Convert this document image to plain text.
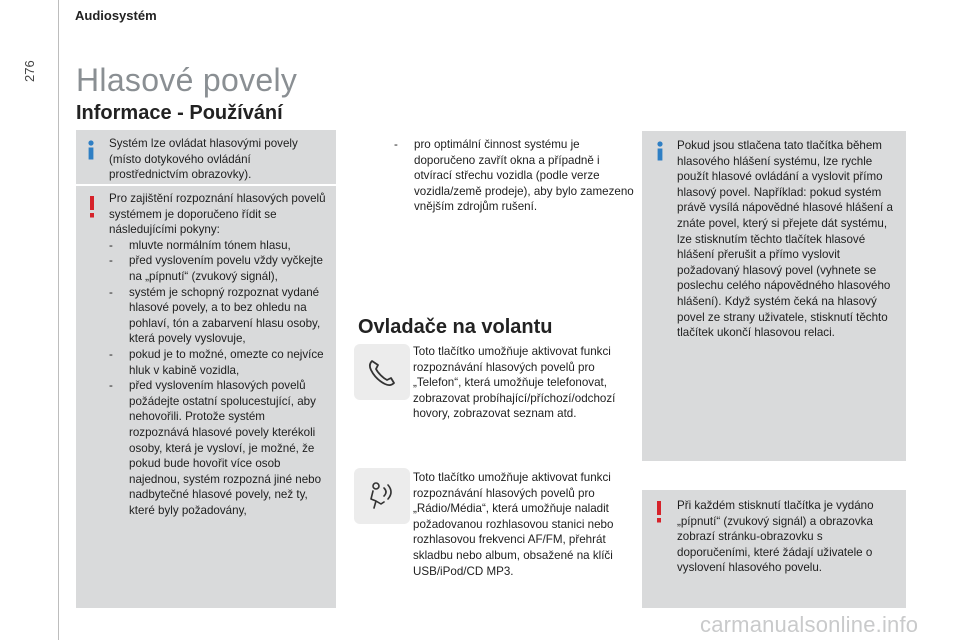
Audiosystém
276 Hlasové povely
Informace - Používání
Systém lze ovládat hlasovými povely (místo dotykového ovládání prostřednictvím obrazovky).

Pro zajištění rozpoznání hlasových povelů systémem je doporučeno řídit se následujícími pokyny:

- mluvte normálním tónem hlasu,
- před vyslovením povelu vždy vyčkejte na „pípnutí“ (zvukový signál),
- systém je schopný rozpoznat vydané hlasové povely, a to bez ohledu na pohlaví, tón a zabarvení hlasu osoby, která povely vyslovuje,
- pokud je to možné, omezte co nejvíce hluk v kabině vozidla,
- před vyslovením hlasových povelů požádejte ostatní spolucestující, aby nehovořili. Protože systém rozpoznává hlasové povely kterékoli osoby, která je vysloví, je možné, že pokud bude hovořit více osob najednou, systém rozpozná jiné nebo nadbytečné hlasové povely, než ty, které byly požadovány,
- pro optimální činnost systému je doporučeno zavřít okna a případně i otvírací střechu vozidla (podle verze vozidla/země prodeje), aby bylo zamezeno vnějším zdrojům rušení.
Ovladače na volantu
Toto tlačítko umožňuje aktivovat funkci rozpoznávání hlasových povelů pro „Telefon“, která umožňuje telefonovat, zobrazovat probíhající/příchozí/odchozí hovory, zobrazovat seznam atd.
Toto tlačítko umožňuje aktivovat funkci rozpoznávání hlasových povelů pro „Rádio/Média“, která umožňuje naladit požadovanou rozhlasovou stanici nebo rozhlasovou frekvenci AF/FM, přehrát skladbu nebo album, obsažené na klíči USB/iPod/CD MP3.
Pokud jsou stlačena tato tlačítka během hlasového hlášení systému, lze rychle použít hlasové ovládání a vyslovit přímo hlasový povel. Například: pokud systém právě vysílá nápovědné hlasové hlášení a znáte povel, který si přejete dát systému, lze stisknutím těchto tlačítek hlasové hlášení přerušit a přímo vyslovit požadovaný hlasový povel (vyhnete se poslechu celého nápovědného hlasového hlášení). Když systém čeká na hlasový povel ze strany uživatele, stisknutí těchto tlačítek ukončí hlasovou relaci.
Při každém stisknutí tlačítka je vydáno „pípnutí“ (zvukový signál) a obrazovka zobrazí stránku-obrazovku s doporučeními, které žádají uživatele o vyslovení hlasového povelu.
carmanualsonline.info
